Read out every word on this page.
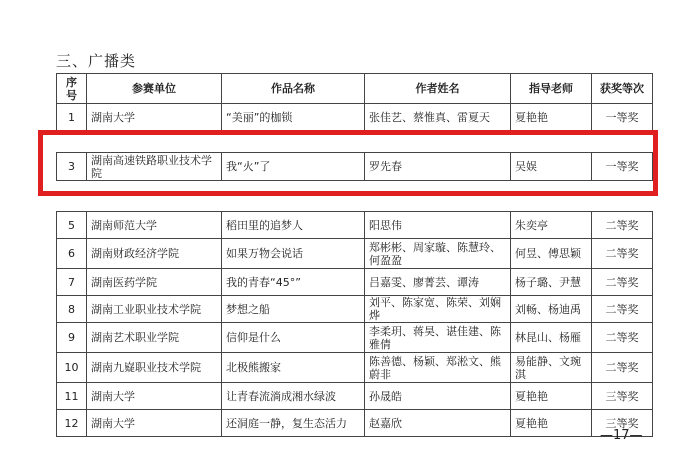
三、广播类
序号	参赛单位	作品名称	作者姓名	指导老师	获奖等次
1	湖南大学	“美丽”的枷锁	张佳艺、蔡惟真、雷夏天	夏艳艳	一等奖

3	湖南高速铁路职业技术学院	我“火”了	罗先春	吴娱	一等奖

5	湖南师范大学	稻田里的追梦人	阳思伟	朱奕亭	二等奖
6	湖南财政经济学院	如果万物会说话	郑彬彬、周家璇、陈慧玲、何盈盈	何昱、傅思颖	二等奖
7	湖南医药学院	我的青春“45°”	吕嘉雯、廖菁芸、谭涛	杨子璐、尹慧	二等奖
8	湖南工业职业技术学院	梦想之船	刘平、陈家宽、陈荣、刘娴烨	刘畅、杨迪禹	二等奖
9	湖南艺术职业学院	信仰是什么	李柔玥、蒋昊、谌佳建、陈雅倩	林昆山、杨雁	二等奖
10	湖南九嶷职业技术学院	北极熊搬家	陈善德、杨颖、郑淞文、熊蔚非	易能静、文琬淇	二等奖
11	湖南大学	让青春流淌成湘水绿波	孙晟皓	夏艳艳	三等奖
12	湖南大学	还洞庭一静，复生态活力	赵嘉欣	夏艳艳	三等奖
—17—
